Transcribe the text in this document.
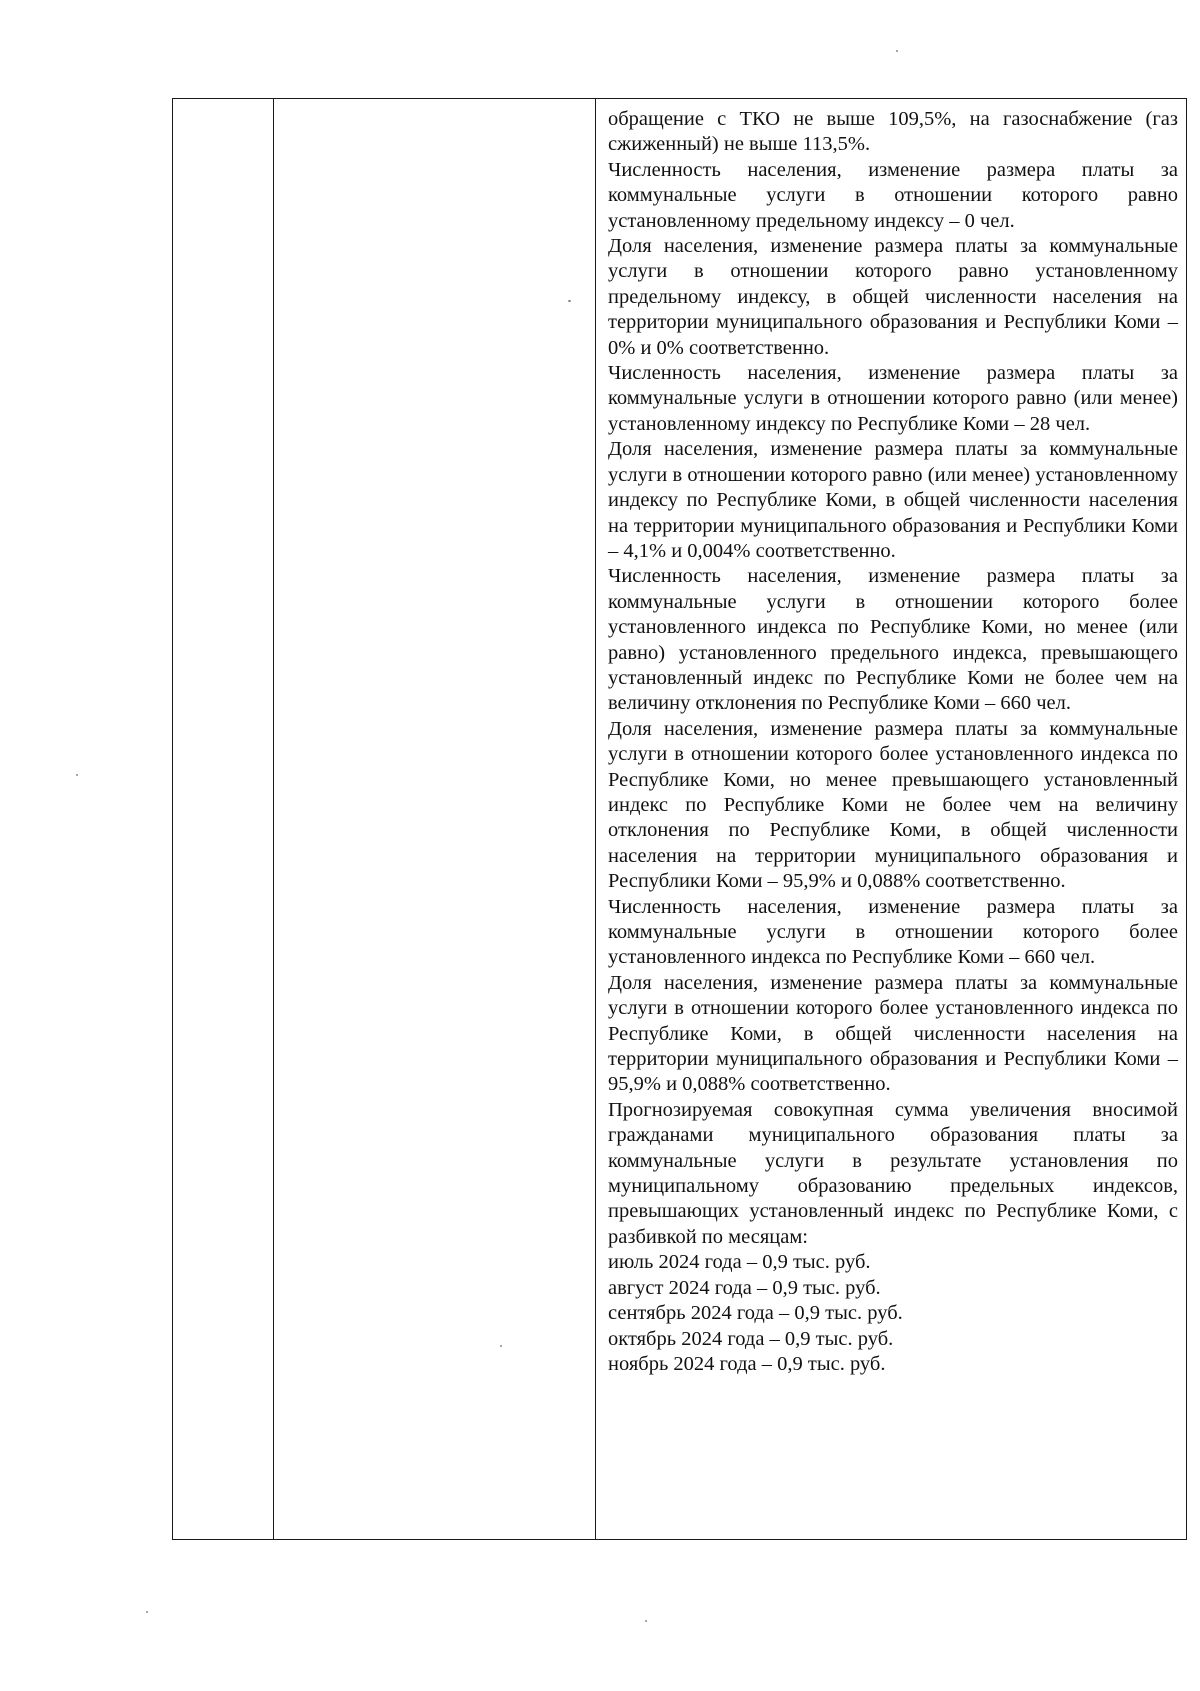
обращение с ТКО не выше 109,5%, на газоснабжение (газ сжиженный) не выше 113,5%.

Численность населения, изменение размера платы за коммунальные услуги в отношении которого равно установленному предельному индексу – 0 чел.

Доля населения, изменение размера платы за коммунальные услуги в отношении которого равно установленному предельному индексу, в общей численности населения на территории муниципального образования и Республики Коми – 0% и 0% соответственно.

Численность населения, изменение размера платы за коммунальные услуги в отношении которого равно (или менее) установленному индексу по Республике Коми – 28 чел.

Доля населения, изменение размера платы за коммунальные услуги в отношении которого равно (или менее) установленному индексу по Республике Коми, в общей численности населения на территории муниципального образования и Республики Коми – 4,1% и 0,004% соответственно.

Численность населения, изменение размера платы за коммунальные услуги в отношении которого более установленного индекса по Республике Коми, но менее (или равно) установленного предельного индекса, превышающего установленный индекс по Республике Коми не более чем на величину отклонения по Республике Коми – 660 чел.

Доля населения, изменение размера платы за коммунальные услуги в отношении которого более установленного индекса по Республике Коми, но менее превышающего установленный индекс по Республике Коми не более чем на величину отклонения по Республике Коми, в общей численности населения на территории муниципального образования и Республики Коми – 95,9% и 0,088% соответственно.

Численность населения, изменение размера платы за коммунальные услуги в отношении которого более установленного индекса по Республике Коми – 660 чел.

Доля населения, изменение размера платы за коммунальные услуги в отношении которого более установленного индекса по Республике Коми, в общей численности населения на территории муниципального образования и Республики Коми – 95,9% и 0,088% соответственно.

Прогнозируемая совокупная сумма увеличения вносимой гражданами муниципального образования платы за коммунальные услуги в результате установления по муниципальному образованию предельных индексов, превышающих установленный индекс по Республике Коми, с разбивкой по месяцам:

июль 2024 года – 0,9 тыс. руб.

август 2024 года – 0,9 тыс. руб.

сентябрь 2024 года – 0,9 тыс. руб.

октябрь 2024 года – 0,9 тыс. руб.

ноябрь 2024 года – 0,9 тыс. руб.
